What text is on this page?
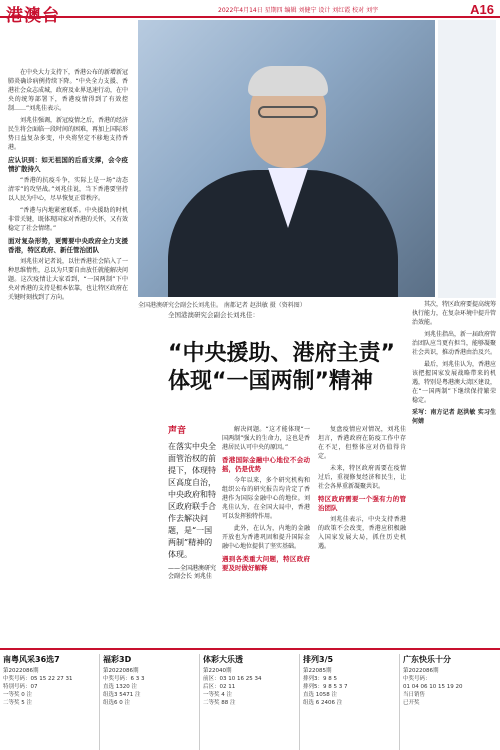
港澳台	2022年4月14日 星期四 编辑 刘健宁 设计 刘红霞 校对 刘宇	A16

在中央大力支持下，香港公布的新增新冠肺炎确诊病例持续下降。“中央全力支援、香港社会众志成城，政府及业界迅速行动，在中央的统筹部署下，香港疫情得到了有效控制……”刘兆佳表示。

刘兆佳强调，新冠疫情之后，香港的经济民生将会面临一段时间的困难，再加上国际形势日益复杂多变，中央将坚定不移地支持香港。

应认识到：如无祖国的后盾支撑，会令疫情扩散持久

“香港的抗疫斗争，实际上是一场“动态清零”的攻坚战。”刘兆佳说，当下香港要坚持以人民为中心，尽早恢复正常秩序。

“香港与内地紧密联系。中央援助的时机非常关键，既体现国家对香港的关怀，又有效稳定了社会情绪。”

面对复杂形势，更需要中央政府全力支援香港，特区政府、新任管治团队

刘兆佳对记者说，以往香港社会陷入了一种思维惰性，总以为只要自由放任就能解决问题。这次疫情让大家看到，“一国两制”下中央对香港的支持是根本依靠，也让特区政府在关键时刻找到了方向。

全国港澳研究会副会长刘兆佳。 南都记者 赵洪敏 摄（资料图）
全国港澳研究会副会长刘兆佳：
“中央援助、港府主责”
体现“一国两制”精神
声音
在落实中央全面管治权的前提下，体现特区高度自治，中央政府和特区政府联手合作去解决问题，是“一国两制”精神的体现。
——全国港澳研究会副会长 刘兆佳

解决问题。“这才能体现“一国两制”强大的生命力，这也是香港居民认可中央的原因。”

香港国际金融中心地位不会动摇，仍是优势

今年以来，多个研究机构和组织公布的研究报告均肯定了香港作为国际金融中心的地位。刘兆佳认为，在全国大局中，香港可以发挥独特作用。

此外，在认为，内地的金融开放也为香港巩固和提升国际金融中心地位提供了坚实基础。

遇到各类重大问题，特区政府要及时做好解释

复盘疫情应对情况，刘兆佳坦言，香港政府在防疫工作中存在不足，但整体应对仍值得肯定。

未来，特区政府需要在疫情过后，重视修复经济和民生，让社会各界重新凝聚共识。

特区政府需要一个强有力的管治团队

刘兆佳表示，中央支持香港的政策不会改变，香港应积极融入国家发展大局，抓住历史机遇。

其次，特区政府要提高统筹执行能力，在复杂环境中提升管治效能。

刘兆佳指出，新一届政府管治团队应当更有担当，能够凝聚社会共识，推动香港由治及兴。

最后，刘兆佳认为，香港应该把握国家发展战略带来的机遇，特别是粤港澳大湾区建设，在“一国两制”下继续保持繁荣稳定。

采写：南方记者 赵洪敏 实习生 何婧

南粤风采36选7
第2022086期
中奖号码：05 15 22 27 31
特别号码：07
一等奖 0 注
二等奖 5 注
福彩3D
第2022086期
中奖号码：6 3 3
直选 1320 注
组选3 5471 注
组选6 0 注
体彩大乐透
第22040期
前区：03 10 16 25 34
后区：02 11
一等奖 4 注
二等奖 88 注
排列3/5
第22085期
排列3：9 8 5
排列5：9 8 5 3 7
直选 1058 注
组选 6 2406 注
广东快乐十分
第2022086期
中奖号码：
01 04 06 10 15 19 20
当日销售
已开奖
